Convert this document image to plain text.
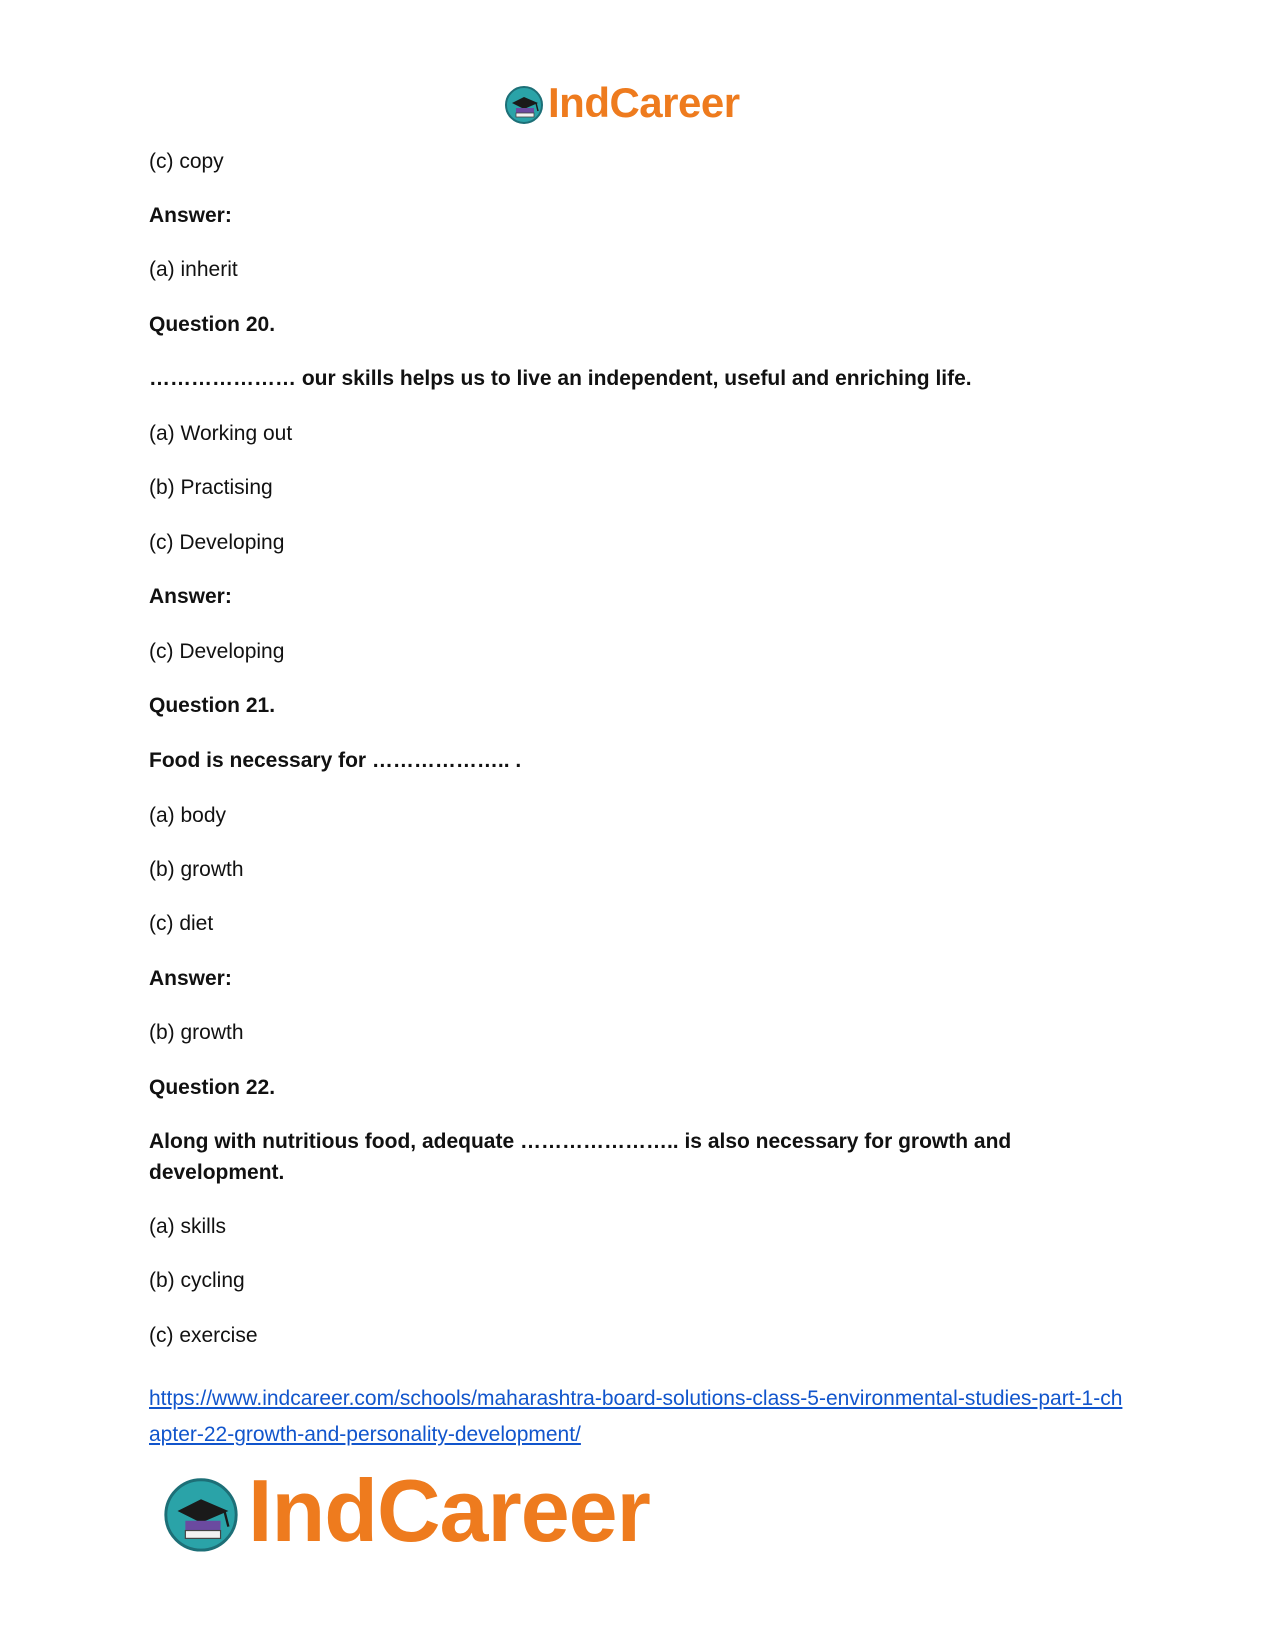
IndCareer
(c) copy
Answer:
(a) inherit
Question 20.
………………… our skills helps us to live an independent, useful and enriching life.
(a) Working out
(b) Practising
(c) Developing
Answer:
(c) Developing
Question 21.
Food is necessary for ……………….. .
(a) body
(b) growth
(c) diet
Answer:
(b) growth
Question 22.
Along with nutritious food, adequate ………………….. is also necessary for growth and development.
(a) skills
(b) cycling
(c) exercise
https://www.indcareer.com/schools/maharashtra-board-solutions-class-5-environmental-studies-part-1-chapter-22-growth-and-personality-development/
IndCareer
